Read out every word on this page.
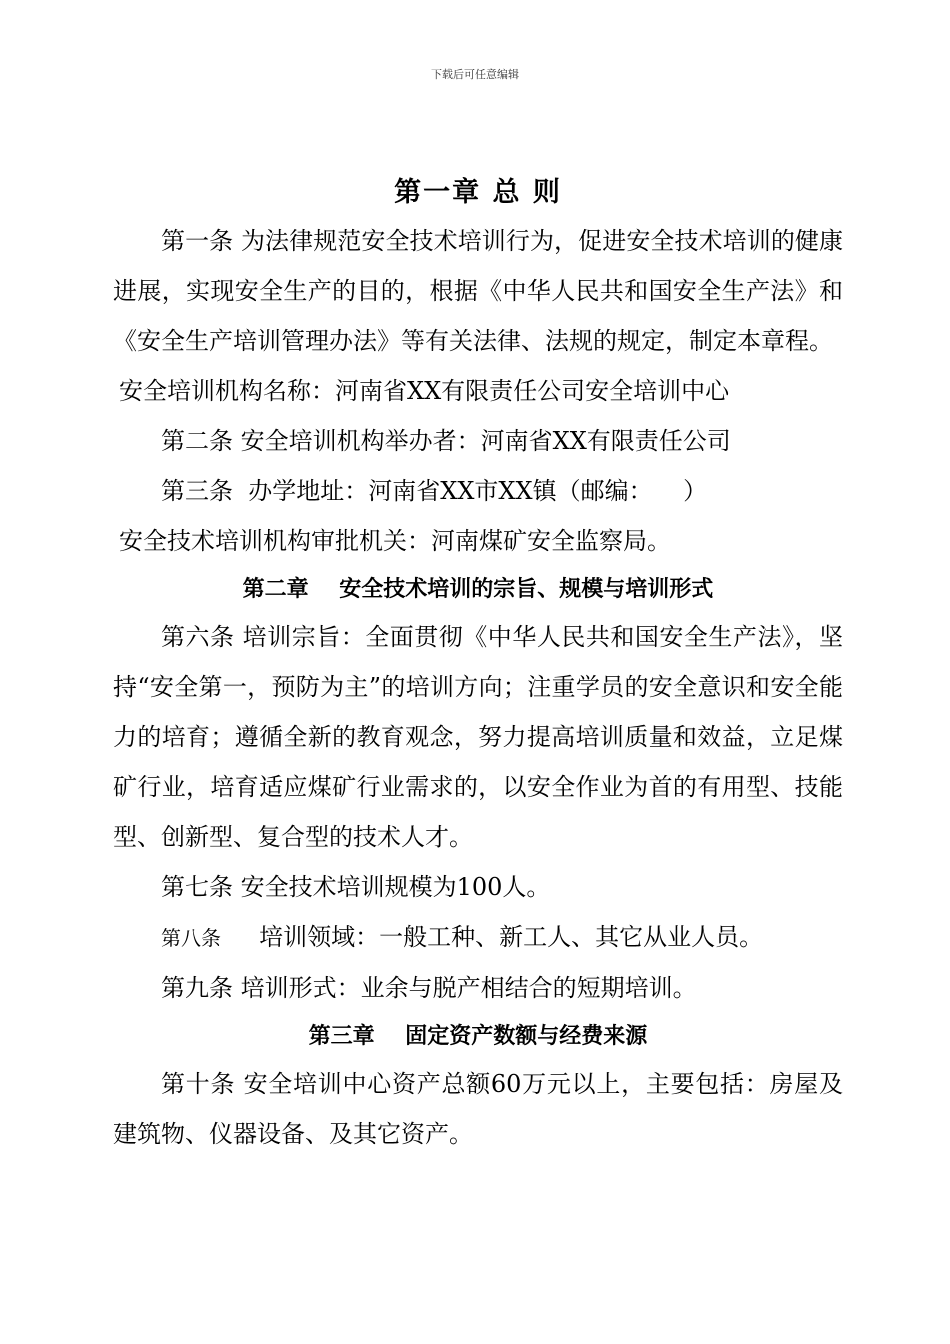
下载后可任意编辑
第一章 总 则

第一条 为法律规范安全技术培训行为，促进安全技术培训的健康进展，实现安全生产的目的，根据《中华人民共和国安全生产法》和《安全生产培训管理办法》等有关法律、法规的规定，制定本章程。

安全培训机构名称：河南省XX有限责任公司安全培训中心

第二条 安全培训机构举办者：河南省XX有限责任公司

第三条  办学地址：河南省XX市XX镇（邮编：    ）

安全技术培训机构审批机关：河南煤矿安全监察局。

第二章    安全技术培训的宗旨、规模与培训形式

第六条 培训宗旨：全面贯彻《中华人民共和国安全生产法》，坚持“安全第一，预防为主”的培训方向；注重学员的安全意识和安全能力的培育；遵循全新的教育观念，努力提高培训质量和效益，立足煤矿行业，培育适应煤矿行业需求的，以安全作业为首的有用型、技能型、创新型、复合型的技术人才。

第七条 安全技术培训规模为100人。

第八条     培训领域：一般工种、新工人、其它从业人员。

第九条 培训形式：业余与脱产相结合的短期培训。

第三章    固定资产数额与经费来源

第十条 安全培训中心资产总额60万元以上，主要包括：房屋及建筑物、仪器设备、及其它资产。
